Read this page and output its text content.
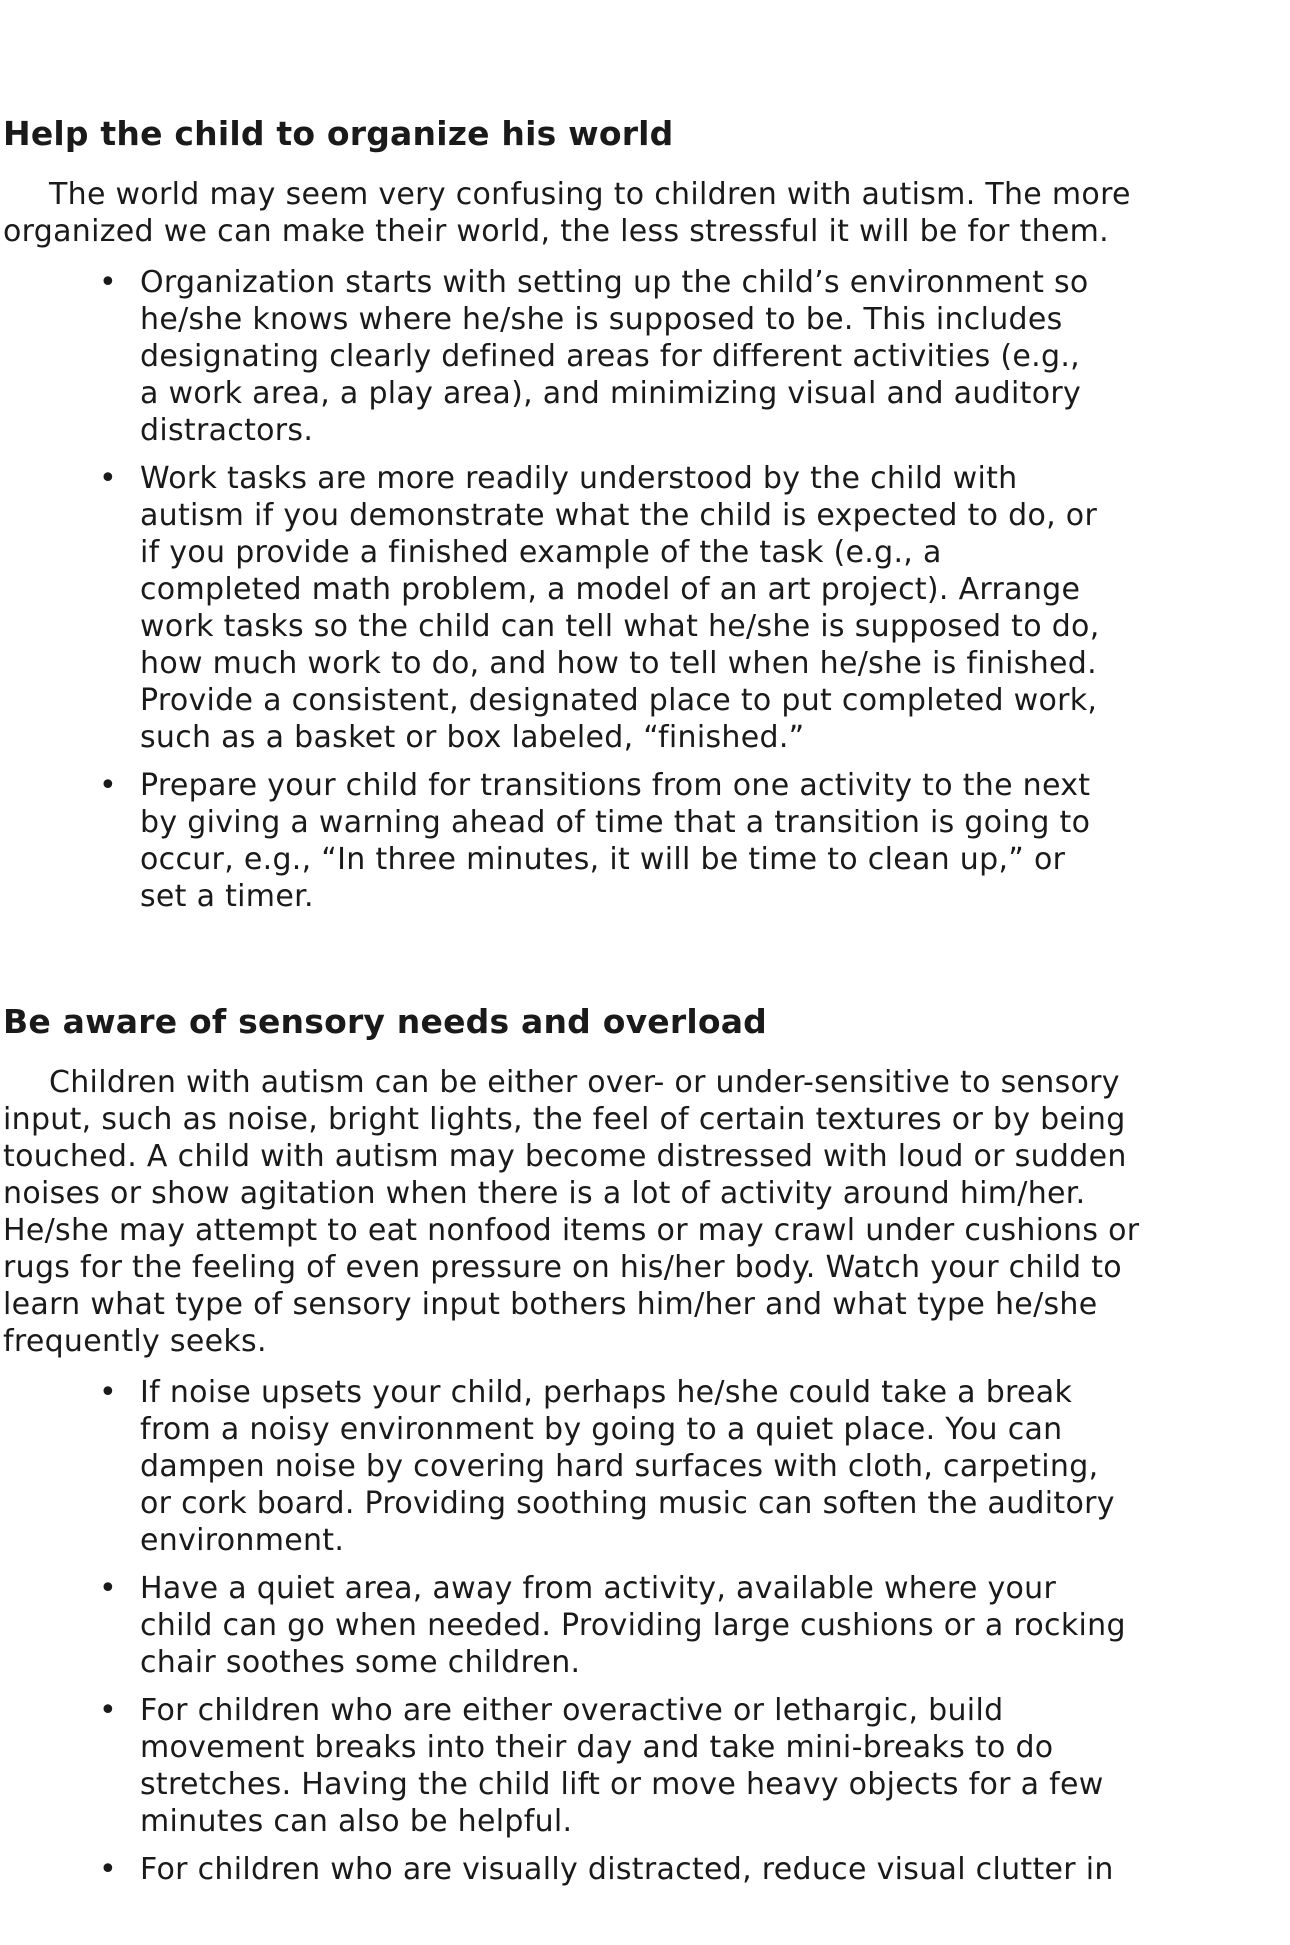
Help the child to organize his world

The world may seem very confusing to children with autism. The more organized we can make their world, the less stressful it will be for them.

• Organization starts with setting up the child’s environment so he/she knows where he/she is supposed to be. This includes designating clearly defined areas for different activities (e.g., a work area, a play area), and minimizing visual and auditory distractors.
• Work tasks are more readily understood by the child with autism if you demonstrate what the child is expected to do, or if you provide a finished example of the task (e.g., a completed math problem, a model of an art project). Arrange work tasks so the child can tell what he/she is supposed to do, how much work to do, and how to tell when he/she is finished. Provide a consistent, designated place to put completed work, such as a basket or box labeled, “finished.”
• Prepare your child for transitions from one activity to the next by giving a warning ahead of time that a transition is going to occur, e.g., “In three minutes, it will be time to clean up,” or set a timer.
Be aware of sensory needs and overload

Children with autism can be either over- or under-sensitive to sensory input, such as noise, bright lights, the feel of certain textures or by being touched. A child with autism may become distressed with loud or sudden noises or show agitation when there is a lot of activity around him/her. He/she may attempt to eat nonfood items or may crawl under cushions or rugs for the feeling of even pressure on his/her body. Watch your child to learn what type of sensory input bothers him/her and what type he/she frequently seeks.

• If noise upsets your child, perhaps he/she could take a break from a noisy environment by going to a quiet place. You can dampen noise by covering hard surfaces with cloth, carpeting, or cork board. Providing soothing music can soften the auditory environment.
• Have a quiet area, away from activity, available where your child can go when needed. Providing large cushions or a rocking chair soothes some children.
• For children who are either overactive or lethargic, build movement breaks into their day and take mini-breaks to do stretches. Having the child lift or move heavy objects for a few minutes can also be helpful.
• For children who are visually distracted, reduce visual clutter in
